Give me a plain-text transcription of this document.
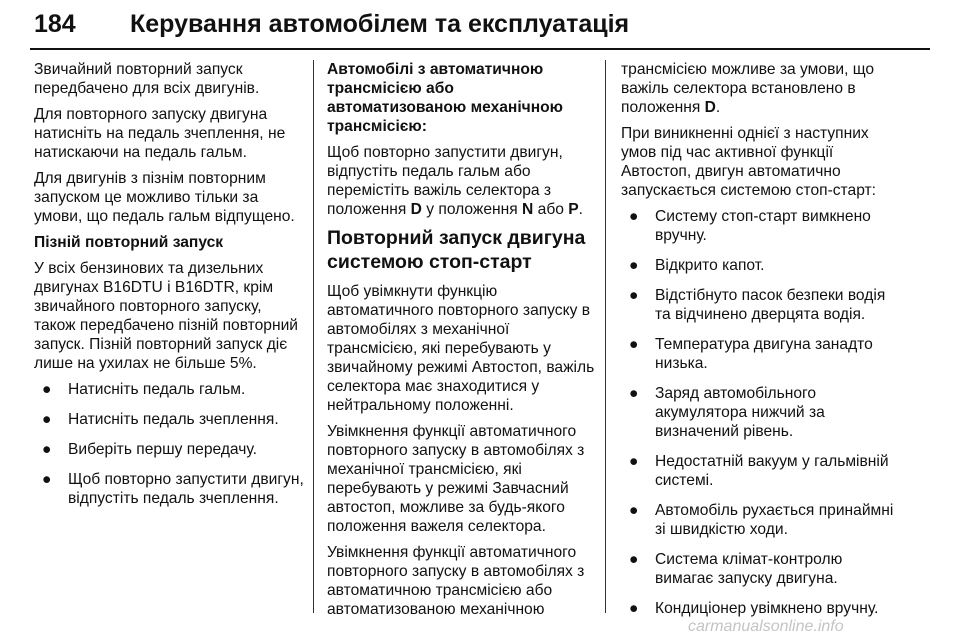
184 Керування автомобілем та експлуатація

Звичайний повторний запуск передбачено для всіх двигунів.

Для повторного запуску двигуна натисніть на педаль зчеплення, не натискаючи на педаль гальм.

Для двигунів з пізнім повторним запуском це можливо тільки за умови, що педаль гальм відпущено.

Пізній повторний запуск

У всіх бензинових та дизельних двигунах B16DTU і B16DTR, крім звичайного повторного запуску, також передбачено пізній повторний запуск. Пізній повторний запуск діє лише на ухилах не більше 5%.

● Натисніть педаль гальм.
● Натисніть педаль зчеплення.
● Виберіть першу передачу.
● Щоб повторно запустити двигун, відпустіть педаль зчеплення.

Автомобілі з автоматичною трансмісією або автоматизованою механічною трансмісією:

Щоб повторно запустити двигун, відпустіть педаль гальм або перемістіть важіль селектора з положення D у положення N або P.

Повторний запуск двигуна системою стоп-старт

Щоб увімкнути функцію автоматичного повторного запуску в автомобілях з механічної трансмісією, які перебувають у звичайному режимі Автостоп, важіль селектора має знаходитися у нейтральному положенні.

Увімкнення функції автоматичного повторного запуску в автомобілях з механічної трансмісією, які перебувають у режимі Завчасний автостоп, можливе за будь-якого положення важеля селектора.

Увімкнення функції автоматичного повторного запуску в автомобілях з автоматичною трансмісією або автоматизованою механічною

трансмісією можливе за умови, що важіль селектора встановлено в положення D.

При виникненні однієї з наступних умов під час активної функції Автостоп, двигун автоматично запускається системою стоп-старт:

● Систему стоп-старт вимкнено вручну.
● Відкрито капот.
● Відстібнуто пасок безпеки водія та відчинено дверцята водія.
● Температура двигуна занадто низька.
● Заряд автомобільного акумулятора нижчий за визначений рівень.
● Недостатній вакуум у гальмівній системі.
● Автомобіль рухається принаймні зі швидкістю ходи.
● Система клімат-контролю вимагає запуску двигуна.
● Кондиціонер увімкнено вручну.
carmanualsonline.info
